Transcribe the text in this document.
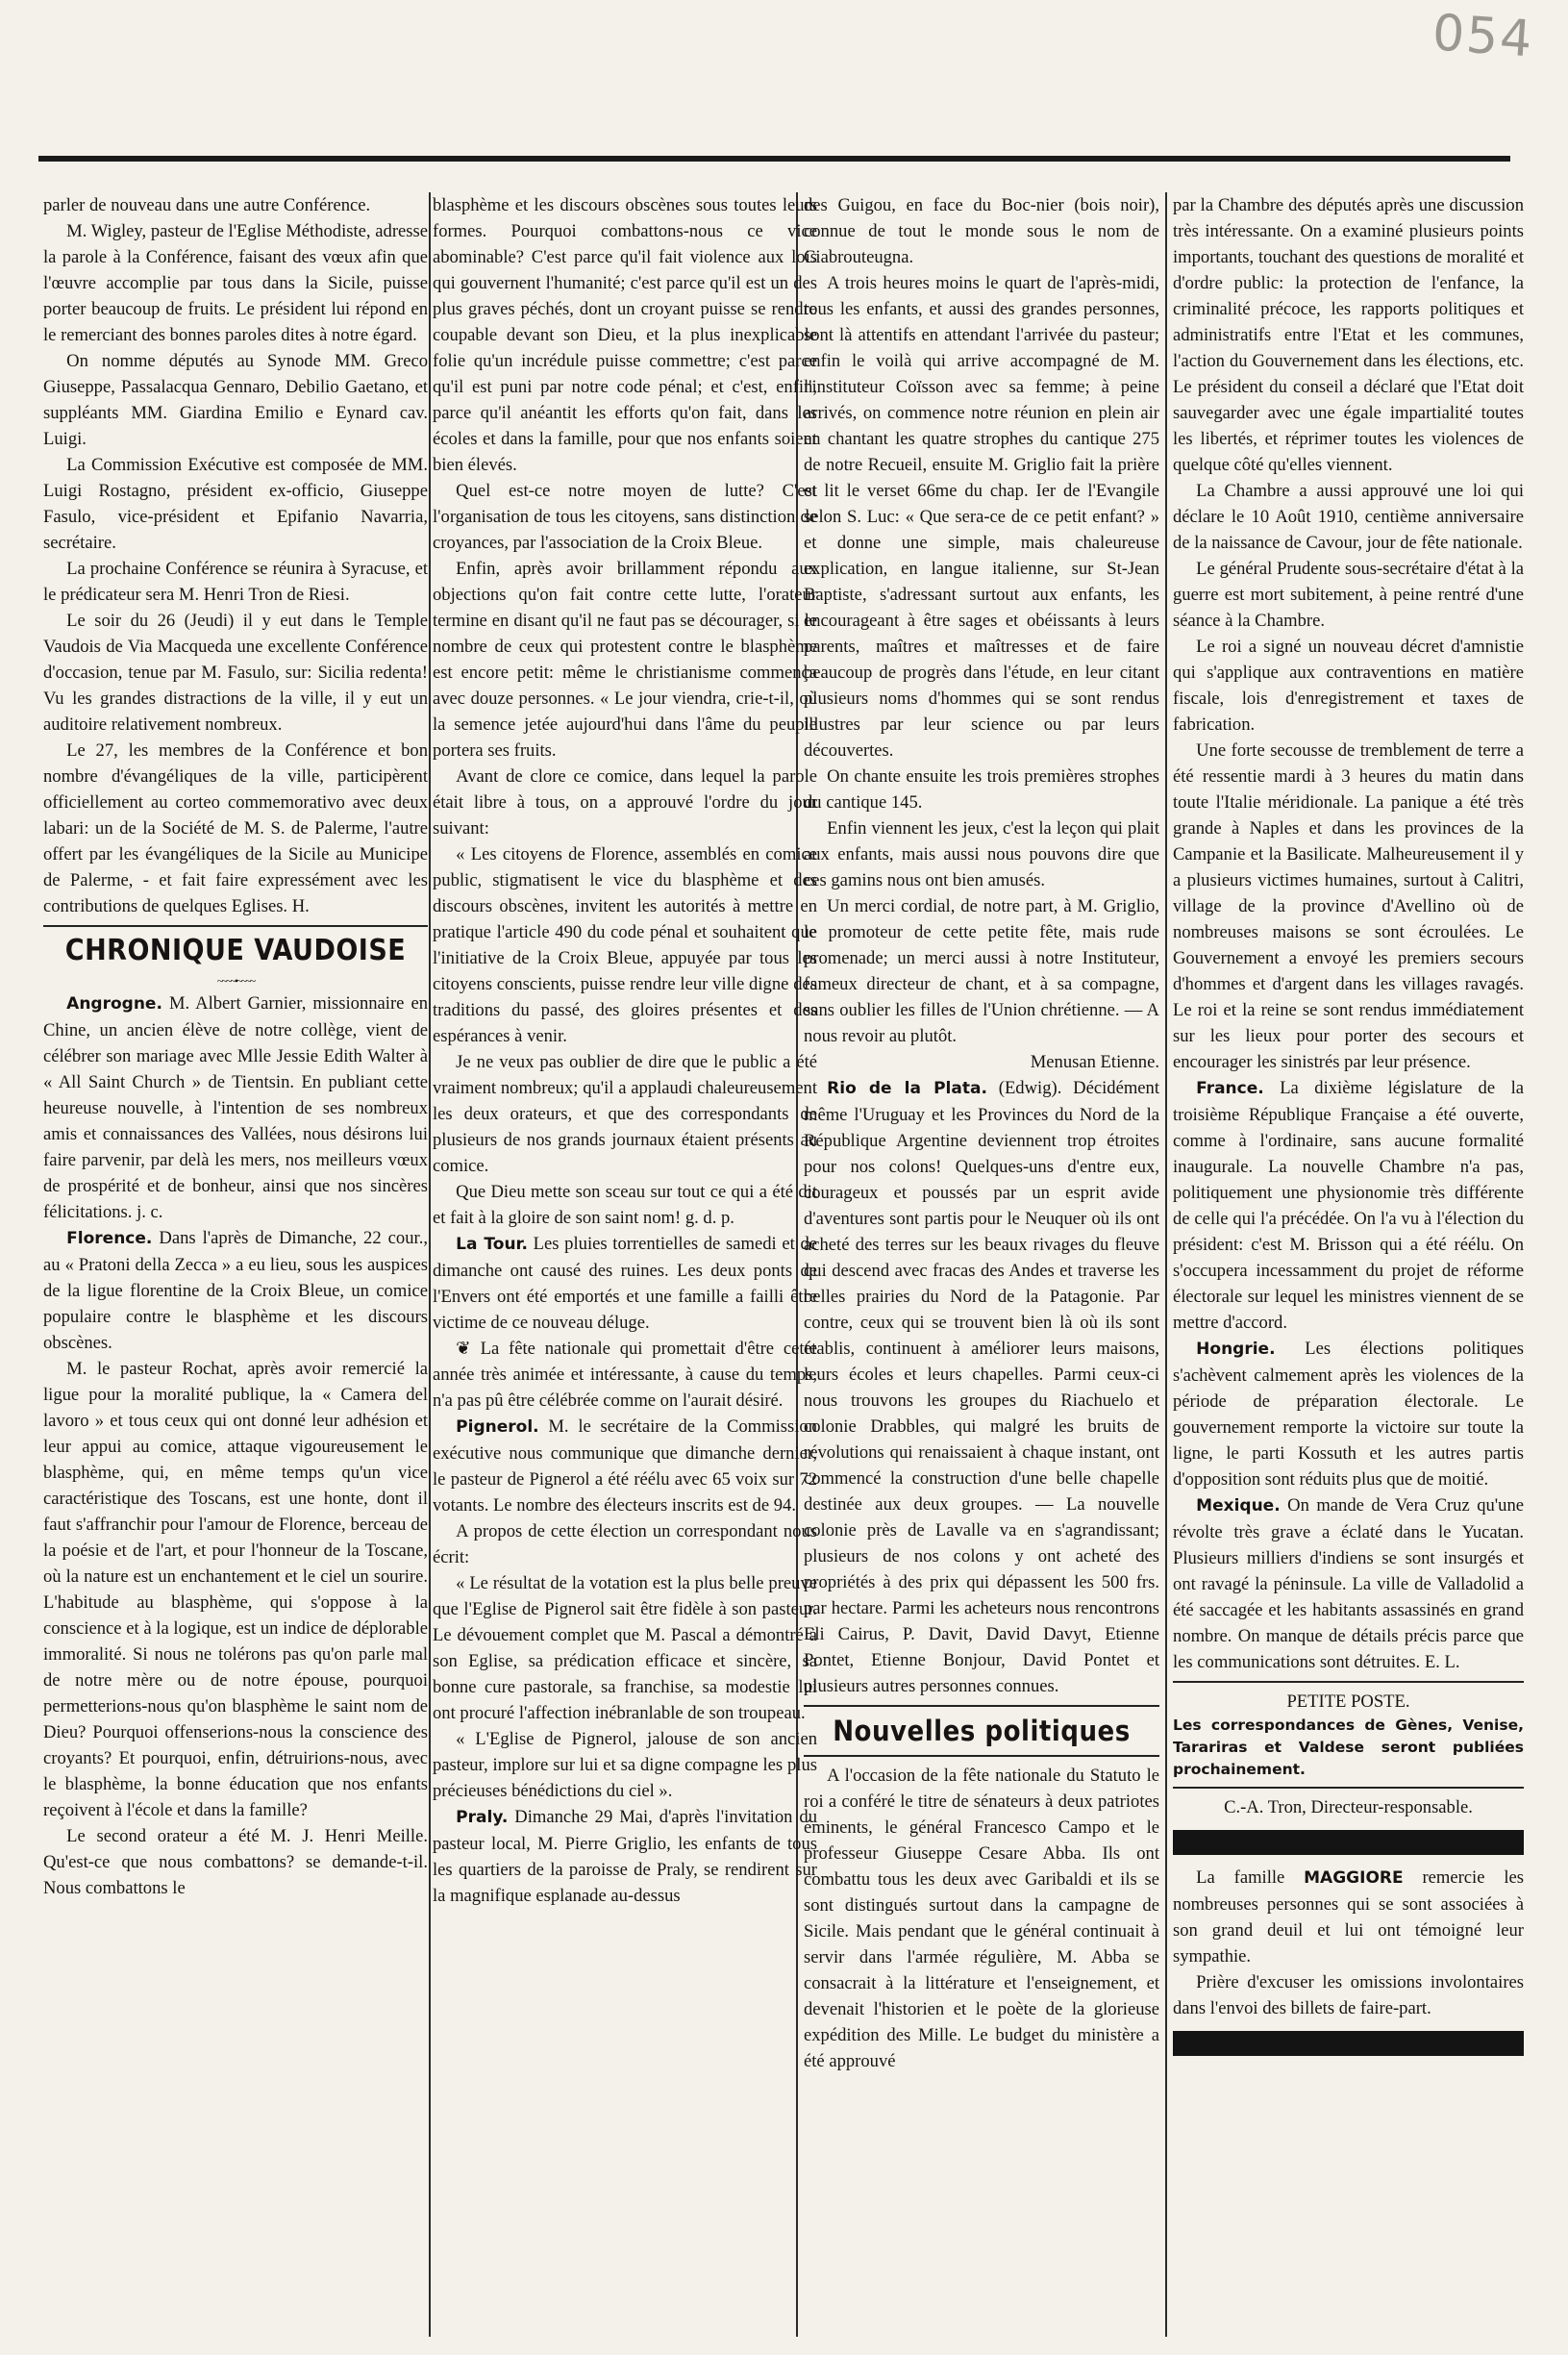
054

parler de nouveau dans une autre Conférence.

M. Wigley, pasteur de l'Eglise Méthodiste, adresse la parole à la Conférence, faisant des vœux afin que l'œuvre accomplie par tous dans la Sicile, puisse porter beaucoup de fruits. Le président lui répond en le remerciant des bonnes paroles dites à notre égard.

On nomme députés au Synode MM. Greco Giuseppe, Passalacqua Gennaro, Debilio Gaetano, et suppléants MM. Giardina Emilio e Eynard cav. Luigi.

La Commission Exécutive est composée de MM. Luigi Rostagno, président ex-officio, Giuseppe Fasulo, vice-président et Epifanio Navarria, secrétaire.

La prochaine Conférence se réunira à Syracuse, et le prédicateur sera M. Henri Tron de Riesi.

Le soir du 26 (Jeudi) il y eut dans le Temple Vaudois de Via Macqueda une excellente Conférence d'occasion, tenue par M. Fasulo, sur: Sicilia redenta! Vu les grandes distractions de la ville, il y eut un auditoire relativement nombreux.

Le 27, les membres de la Conférence et bon nombre d'évangéliques de la ville, participèrent officiellement au corteo commemorativo avec deux labari: un de la Société de M. S. de Palerme, l'autre offert par les évangéliques de la Sicile au Municipe de Palerme, - et fait faire expressément avec les contributions de quelques Eglises. H.

CHRONIQUE VAUDOISE
~~~~•~~~~

Angrogne. M. Albert Garnier, missionnaire en Chine, un ancien élève de notre collège, vient de célébrer son mariage avec Mlle Jessie Edith Walter à « All Saint Church » de Tientsin. En publiant cette heureuse nouvelle, à l'intention de ses nombreux amis et connaissances des Vallées, nous désirons lui faire parvenir, par delà les mers, nos meilleurs vœux de prospérité et de bonheur, ainsi que nos sincères félicitations. j. c.

Florence. Dans l'après de Dimanche, 22 cour., au « Pratoni della Zecca » a eu lieu, sous les auspices de la ligue florentine de la Croix Bleue, un comice populaire contre le blasphème et les discours obscènes.

M. le pasteur Rochat, après avoir remercié la ligue pour la moralité publique, la « Camera del lavoro » et tous ceux qui ont donné leur adhésion et leur appui au comice, attaque vigoureusement le blasphème, qui, en même temps qu'un vice caractéristique des Toscans, est une honte, dont il faut s'affranchir pour l'amour de Florence, berceau de la poésie et de l'art, et pour l'honneur de la Toscane, où la nature est un enchantement et le ciel un sourire. L'habitude au blasphème, qui s'oppose à la conscience et à la logique, est un indice de déplorable immoralité. Si nous ne tolérons pas qu'on parle mal de notre mère ou de notre épouse, pourquoi permetterions-nous qu'on blasphème le saint nom de Dieu? Pourquoi offenserions-nous la conscience des croyants? Et pourquoi, enfin, détruirions-nous, avec le blasphème, la bonne éducation que nos enfants reçoivent à l'école et dans la famille?

Le second orateur a été M. J. Henri Meille. Qu'est-ce que nous combattons? se demande-t-il. Nous combattons le

blasphème et les discours obscènes sous toutes leurs formes. Pourquoi combattons-nous ce vice abominable? C'est parce qu'il fait violence aux lois qui gouvernent l'humanité; c'est parce qu'il est un des plus graves péchés, dont un croyant puisse se rendre coupable devant son Dieu, et la plus inexplicable folie qu'un incrédule puisse commettre; c'est parce qu'il est puni par notre code pénal; et c'est, enfin, parce qu'il anéantit les efforts qu'on fait, dans les écoles et dans la famille, pour que nos enfants soient bien élevés.

Quel est-ce notre moyen de lutte? C'est l'organisation de tous les citoyens, sans distinction de croyances, par l'association de la Croix Bleue.

Enfin, après avoir brillamment répondu aux objections qu'on fait contre cette lutte, l'orateur termine en disant qu'il ne faut pas se décourager, si le nombre de ceux qui protestent contre le blasphème est encore petit: même le christianisme commença avec douze personnes. « Le jour viendra, crie-t-il, où la semence jetée aujourd'hui dans l'âme du peuple portera ses fruits.

Avant de clore ce comice, dans lequel la parole était libre à tous, on a approuvé l'ordre du jour suivant:

« Les citoyens de Florence, assemblés en comice public, stigmatisent le vice du blasphème et des discours obscènes, invitent les autorités à mettre en pratique l'article 490 du code pénal et souhaitent que l'initiative de la Croix Bleue, appuyée par tous les citoyens conscients, puisse rendre leur ville digne des traditions du passé, des gloires présentes et des espérances à venir.

Je ne veux pas oublier de dire que le public a été vraiment nombreux; qu'il a applaudi chaleureusement les deux orateurs, et que des correspondants de plusieurs de nos grands journaux étaient présents au comice.

Que Dieu mette son sceau sur tout ce qui a été dit et fait à la gloire de son saint nom! g. d. p.

La Tour. Les pluies torrentielles de samedi et de dimanche ont causé des ruines. Les deux ponts de l'Envers ont été emportés et une famille a failli être victime de ce nouveau déluge.

❦ La fête nationale qui promettait d'être cette année très animée et intéressante, à cause du temps, n'a pas pû être célébrée comme on l'aurait désiré.

Pignerol. M. le secrétaire de la Commission exécutive nous communique que dimanche dernier, le pasteur de Pignerol a été réélu avec 65 voix sur 72 votants. Le nombre des électeurs inscrits est de 94.

A propos de cette élection un correspondant nous écrit:

« Le résultat de la votation est la plus belle preuve que l'Eglise de Pignerol sait être fidèle à son pasteur. Le dévouement complet que M. Pascal a démontré à son Eglise, sa prédication efficace et sincère, sa bonne cure pastorale, sa franchise, sa modestie lui ont procuré l'affection inébranlable de son troupeau.

« L'Eglise de Pignerol, jalouse de son ancien pasteur, implore sur lui et sa digne compagne les plus précieuses bénédictions du ciel ».

Praly. Dimanche 29 Mai, d'après l'invitation du pasteur local, M. Pierre Griglio, les enfants de tous les quartiers de la paroisse de Praly, se rendirent sur la magnifique esplanade au-dessus

des Guigou, en face du Boc-nier (bois noir), connue de tout le monde sous le nom de Ciabrouteugna.

A trois heures moins le quart de l'après-midi, tous les enfants, et aussi des grandes personnes, sont là attentifs en attendant l'arrivée du pasteur; enfin le voilà qui arrive accompagné de M. l'instituteur Coïsson avec sa femme; à peine arrivés, on commence notre réunion en plein air en chantant les quatre strophes du cantique 275 de notre Recueil, ensuite M. Griglio fait la prière et lit le verset 66me du chap. Ier de l'Evangile selon S. Luc: « Que sera-ce de ce petit enfant? » et donne une simple, mais chaleureuse explication, en langue italienne, sur St-Jean Baptiste, s'adressant surtout aux enfants, les encourageant à être sages et obéissants à leurs parents, maîtres et maîtresses et de faire beaucoup de progrès dans l'étude, en leur citant plusieurs noms d'hommes qui se sont rendus illustres par leur science ou par leurs découvertes.

On chante ensuite les trois premières strophes du cantique 145.

Enfin viennent les jeux, c'est la leçon qui plait aux enfants, mais aussi nous pouvons dire que ces gamins nous ont bien amusés.

Un merci cordial, de notre part, à M. Griglio, le promoteur de cette petite fête, mais rude promenade; un merci aussi à notre Instituteur, fameux directeur de chant, et à sa compagne, sans oublier les filles de l'Union chrétienne. — A nous revoir au plutôt.

Menusan Etienne.

Rio de la Plata. (Edwig). Décidément même l'Uruguay et les Provinces du Nord de la République Argentine deviennent trop étroites pour nos colons! Quelques-uns d'entre eux, courageux et poussés par un esprit avide d'aventures sont partis pour le Neuquer où ils ont acheté des terres sur les beaux rivages du fleuve qui descend avec fracas des Andes et traverse les belles prairies du Nord de la Patagonie. Par contre, ceux qui se trouvent bien là où ils sont établis, continuent à améliorer leurs maisons, leurs écoles et leurs chapelles. Parmi ceux-ci nous trouvons les groupes du Riachuelo et colonie Drabbles, qui malgré les bruits de révolutions qui renaissaient à chaque instant, ont commencé la construction d'une belle chapelle destinée aux deux groupes. — La nouvelle colonie près de Lavalle va en s'agrandissant; plusieurs de nos colons y ont acheté des propriétés à des prix qui dépassent les 500 frs. par hectare. Parmi les acheteurs nous rencontrons Eli Cairus, P. Davit, David Davyt, Etienne Pontet, Etienne Bonjour, David Pontet et plusieurs autres personnes connues.

Nouvelles politiques

A l'occasion de la fête nationale du Statuto le roi a conféré le titre de sénateurs à deux patriotes éminents, le général Francesco Campo et le professeur Giuseppe Cesare Abba. Ils ont combattu tous les deux avec Garibaldi et ils se sont distingués surtout dans la campagne de Sicile. Mais pendant que le général continuait à servir dans l'armée régulière, M. Abba se consacrait à la littérature et l'enseignement, et devenait l'historien et le poète de la glorieuse expédition des Mille. Le budget du ministère a été approuvé

par la Chambre des députés après une discussion très intéressante. On a examiné plusieurs points importants, touchant des questions de moralité et d'ordre public: la protection de l'enfance, la criminalité précoce, les rapports politiques et administratifs entre l'Etat et les communes, l'action du Gouvernement dans les élections, etc. Le président du conseil a déclaré que l'Etat doit sauvegarder avec une égale impartialité toutes les libertés, et réprimer toutes les violences de quelque côté qu'elles viennent.

La Chambre a aussi approuvé une loi qui déclare le 10 Août 1910, centième anniversaire de la naissance de Cavour, jour de fête nationale.

Le général Prudente sous-secrétaire d'état à la guerre est mort subitement, à peine rentré d'une séance à la Chambre.

Le roi a signé un nouveau décret d'amnistie qui s'applique aux contraventions en matière fiscale, lois d'enregistrement et taxes de fabrication.

Une forte secousse de tremblement de terre a été ressentie mardi à 3 heures du matin dans toute l'Italie méridionale. La panique a été très grande à Naples et dans les provinces de la Campanie et la Basilicate. Malheureusement il y a plusieurs victimes humaines, surtout à Calitri, village de la province d'Avellino où de nombreuses maisons se sont écroulées. Le Gouvernement a envoyé les premiers secours d'hommes et d'argent dans les villages ravagés. Le roi et la reine se sont rendus immédiatement sur les lieux pour porter des secours et encourager les sinistrés par leur présence.

France. La dixième législature de la troisième République Française a été ouverte, comme à l'ordinaire, sans aucune formalité inaugurale. La nouvelle Chambre n'a pas, politiquement une physionomie très différente de celle qui l'a précédée. On l'a vu à l'élection du président: c'est M. Brisson qui a été réélu. On s'occupera incessamment du projet de réforme électorale sur lequel les ministres viennent de se mettre d'accord.

Hongrie. Les élections politiques s'achèvent calmement après les violences de la période de préparation électorale. Le gouvernement remporte la victoire sur toute la ligne, le parti Kossuth et les autres partis d'opposition sont réduits plus que de moitié.

Mexique. On mande de Vera Cruz qu'une révolte très grave a éclaté dans le Yucatan. Plusieurs milliers d'indiens se sont insurgés et ont ravagé la péninsule. La ville de Valladolid a été saccagée et les habitants assassinés en grand nombre. On manque de détails précis parce que les communications sont détruites. E. L.

PETITE POSTE.

Les correspondances de Gènes, Venise, Tarariras et Valdese seront publiées prochainement.

C.-A. Tron, Directeur-responsable.

La famille MAGGIORE remercie les nombreuses personnes qui se sont associées à son grand deuil et lui ont témoigné leur sympathie.

Prière d'excuser les omissions involontaires dans l'envoi des billets de faire-part.
